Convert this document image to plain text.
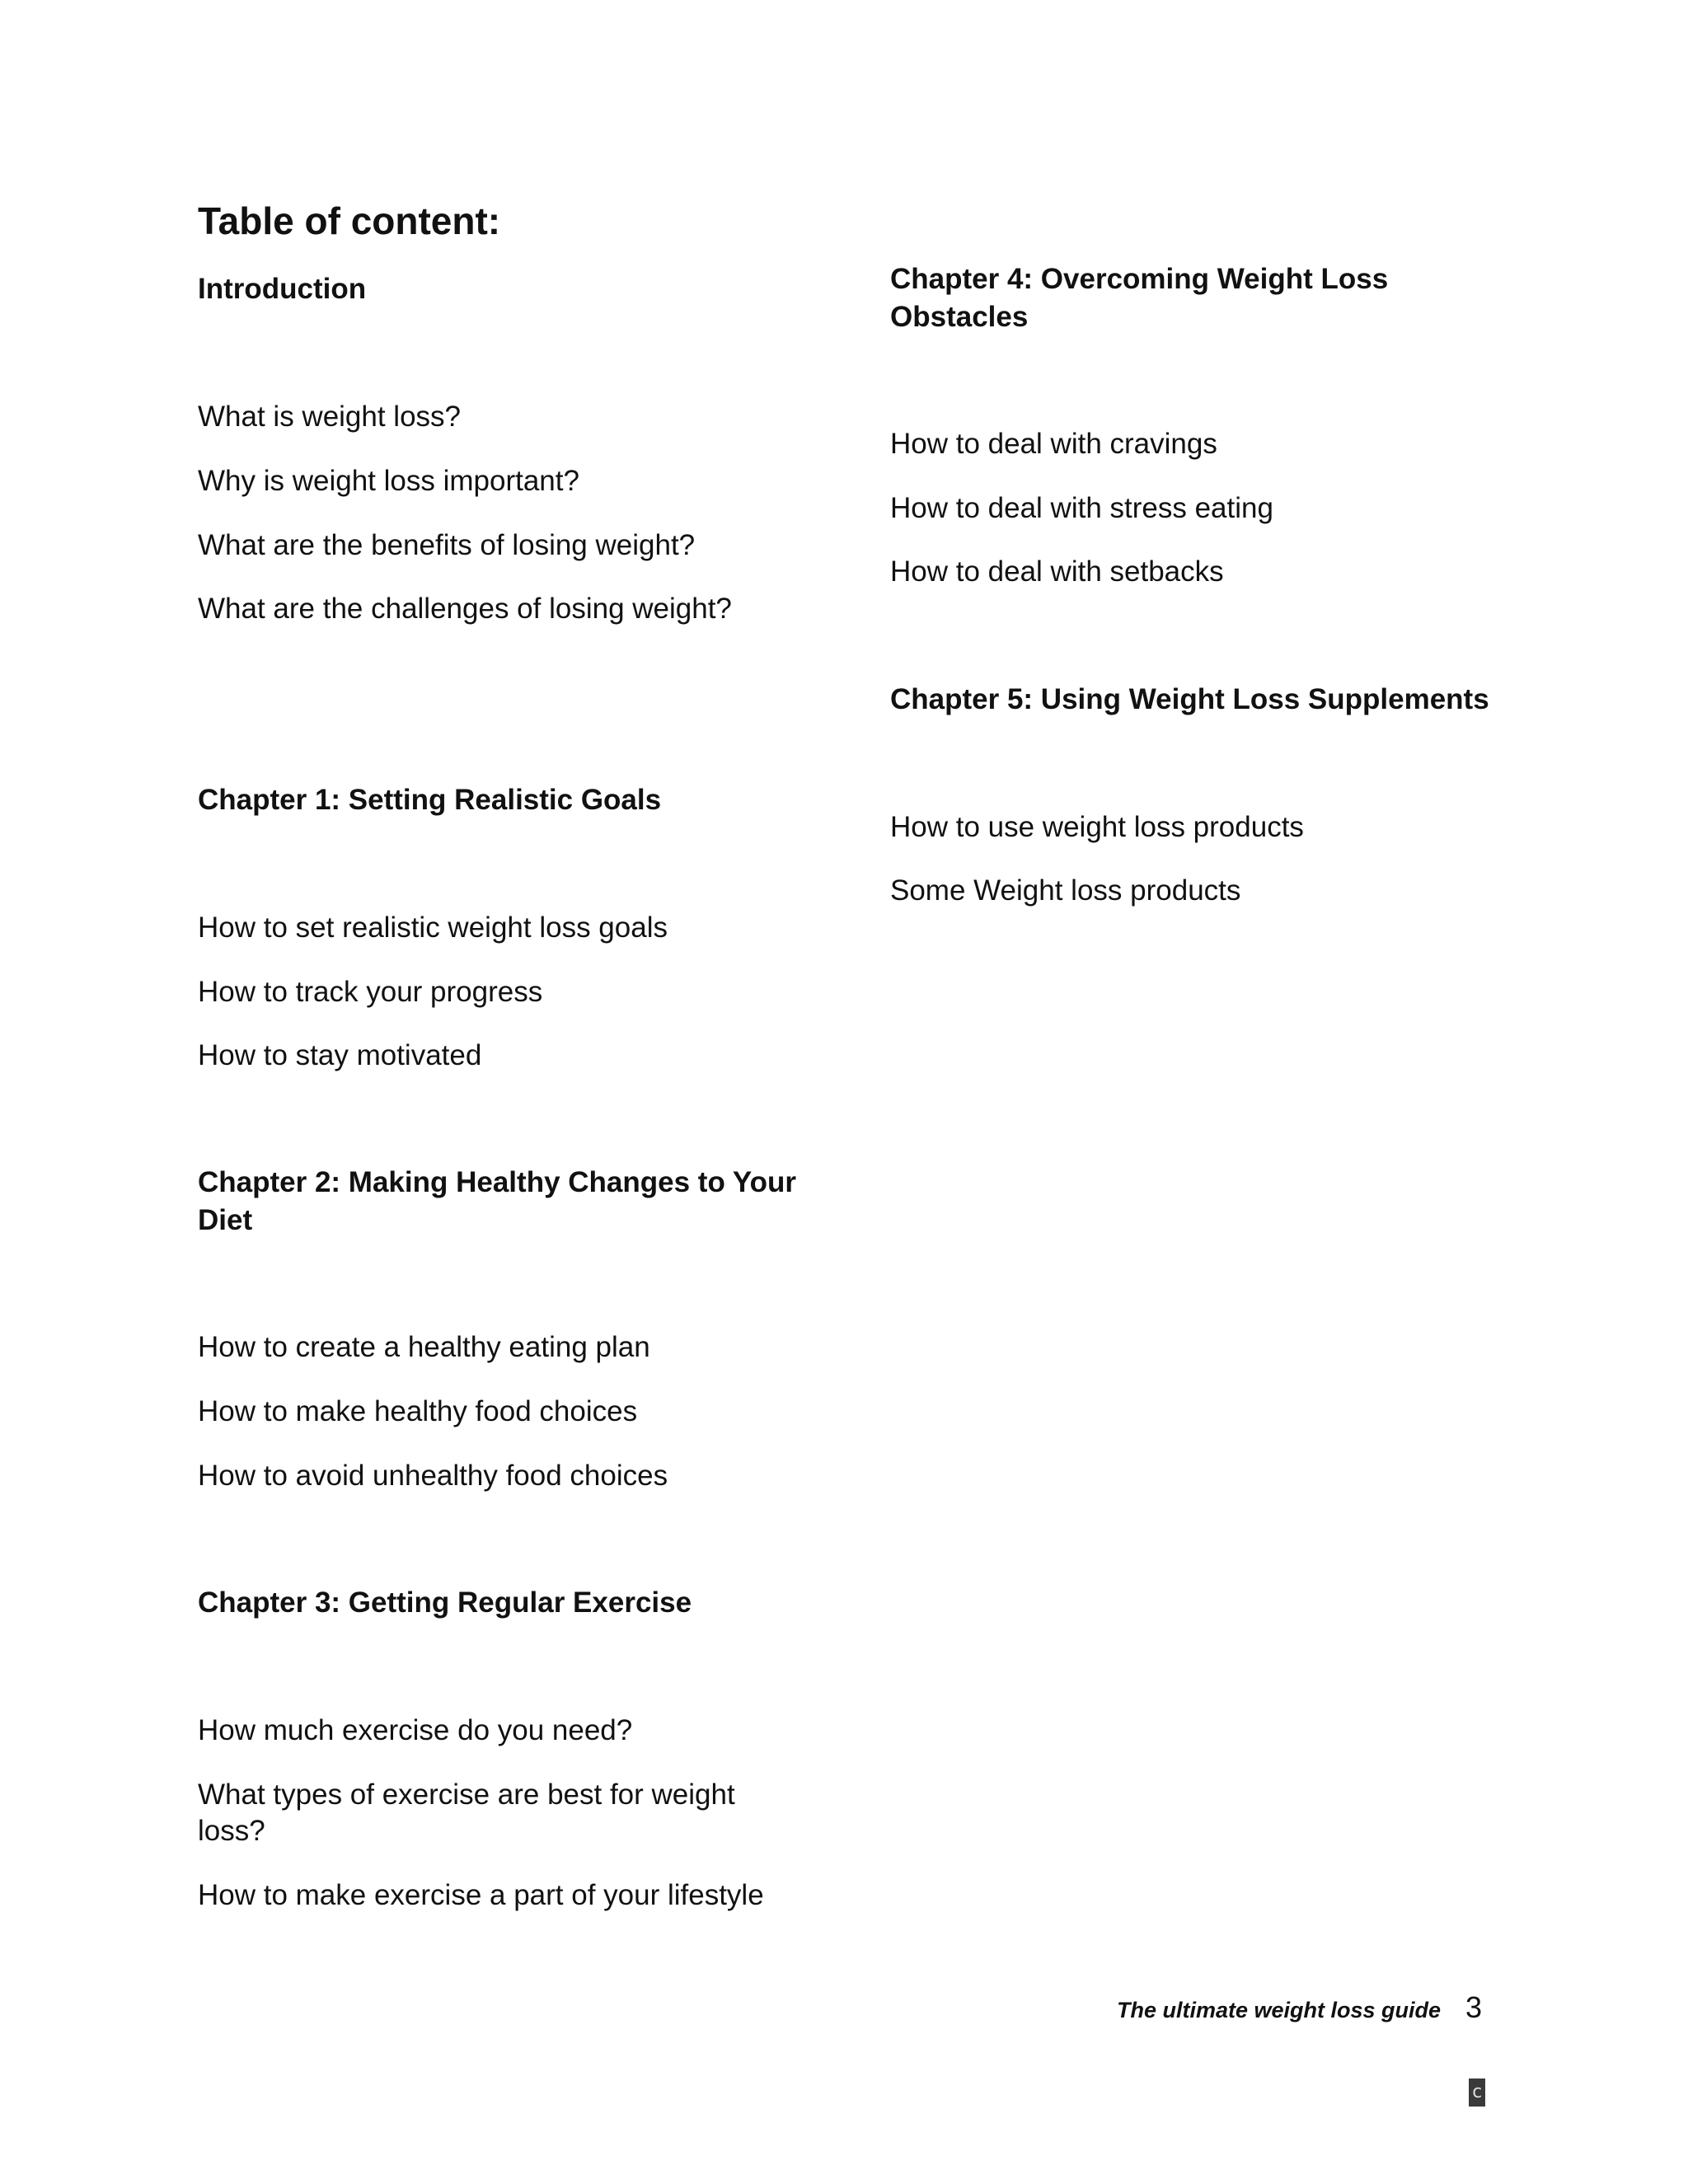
Table of content:
Introduction
What is weight loss?
Why is weight loss important?
What are the benefits of losing weight?
What are the challenges of losing weight?
Chapter 1: Setting Realistic Goals
How to set realistic weight loss goals
How to track your progress
How to stay motivated
Chapter 2: Making Healthy Changes to Your Diet
How to create a healthy eating plan
How to make healthy food choices
How to avoid unhealthy food choices
Chapter 3: Getting Regular Exercise
How much exercise do you need?
What types of exercise are best for weight loss?
How to make exercise a part of your lifestyle
Chapter 4: Overcoming Weight Loss Obstacles
How to deal with cravings
How to deal with stress eating
How to deal with setbacks
Chapter 5: Using Weight Loss Supplements
How to use weight loss products
Some Weight loss products
The ultimate weight loss guide 3
c
